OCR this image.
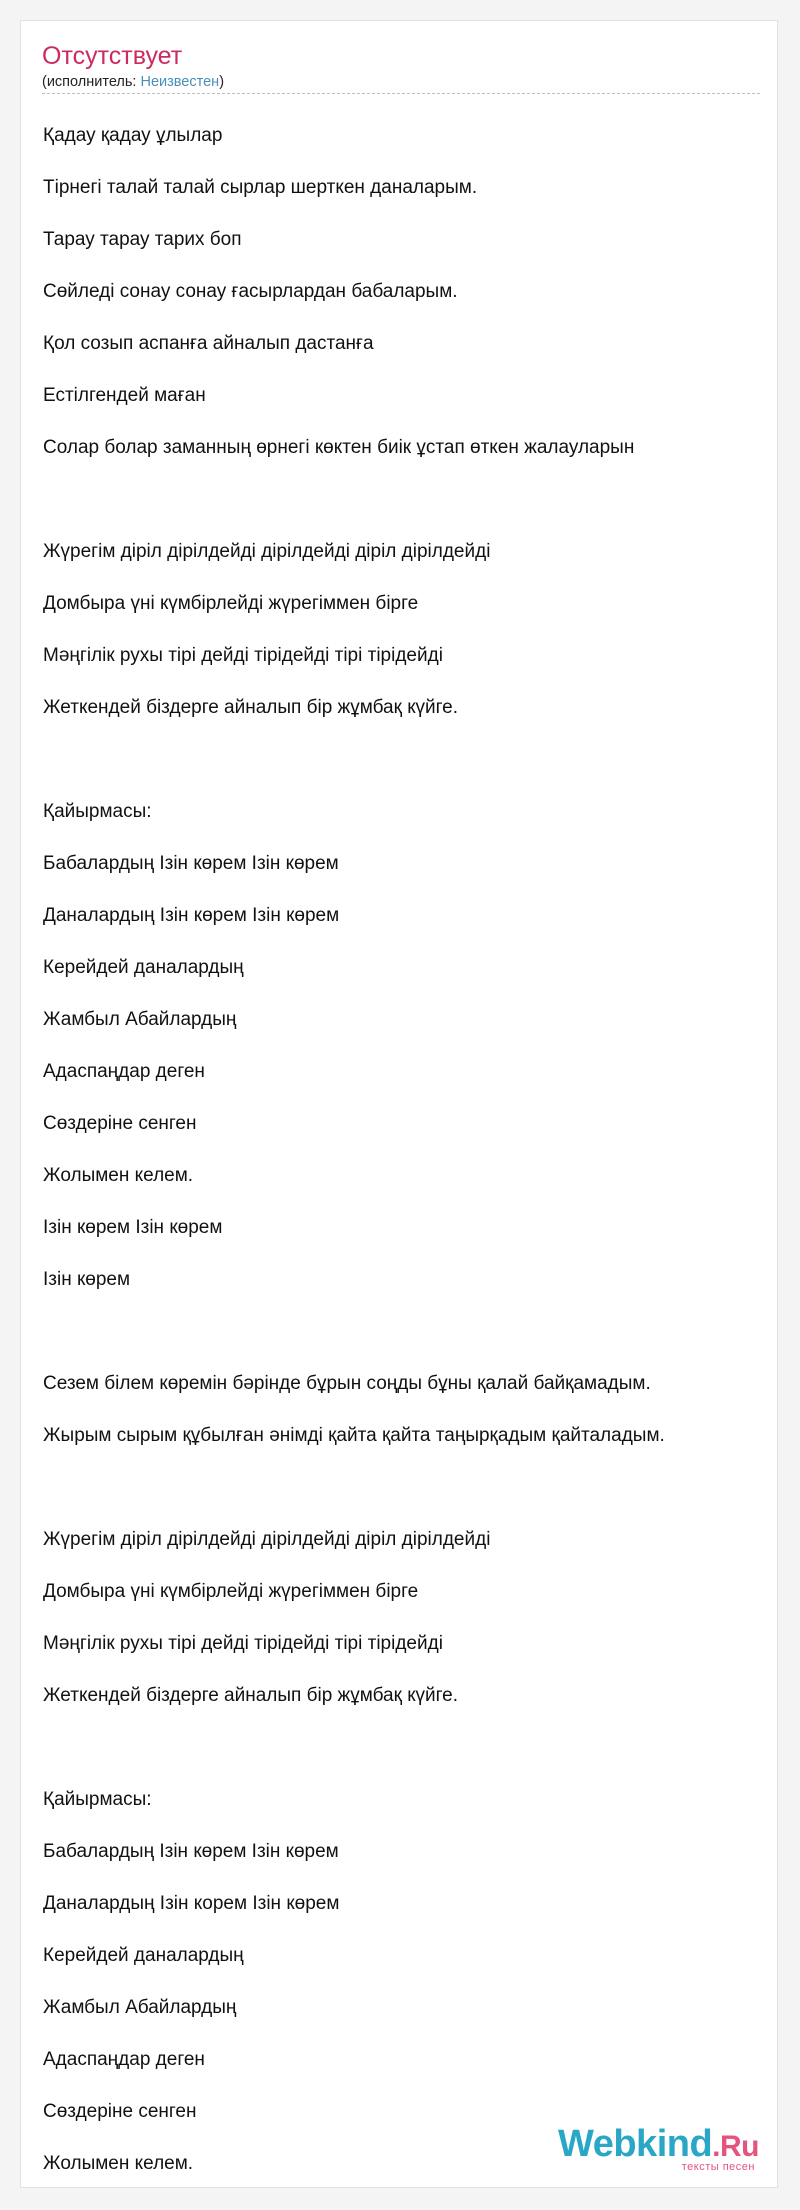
Отсутствует
(исполнитель: Неизвестен)
Қадау қадау ұлылар
Тірнегі талай талай сырлар шерткен даналарым.
Тарау тарау тарих боп
Сөйледі сонау сонау ғасырлардан бабаларым.
Қол созып аспанға айналып дастанға
Естілгендей маған
Солар болар заманның өрнегі көктен биік ұстап өткен жалауларын
Жүрегім діріл дірілдейді дірілдейді діріл дірілдейді
Домбыра үні күмбірлейді жүрегіммен бірге
Мәңгілік рухы тірі дейді тірідейді тірі тірідейді
Жеткендей біздерге айналып бір жұмбақ күйге.
Қайырмасы:
Бабалардың Ізін көрем Ізін көрем
Даналардың Ізін көрем Ізін көрем
Керейдей даналардың
Жамбыл Абайлардың
Адаспаңдар деген
Сөздеріне сенген
Жолымен келем.
Ізін көрем Ізін көрем
Ізін көрем
Сезем білем көремін бәрінде бұрын соңды бұны қалай байқамадым.
Жырым сырым құбылған әнімді қайта қайта таңырқадым қайталадым.
Жүрегім діріл дірілдейді дірілдейді діріл дірілдейді
Домбыра үні күмбірлейді жүрегіммен бірге
Мәңгілік рухы тірі дейді тірідейді тірі тірідейді
Жеткендей біздерге айналып бір жұмбақ күйге.
Қайырмасы:
Бабалардың Ізін көрем Ізін көрем
Даналардың Ізін корем Ізін көрем
Керейдей даналардың
Жамбыл Абайлардың
Адаспаңдар деген
Сөздеріне сенген
Жолымен келем.	Webkind.Ru
тексты песен
